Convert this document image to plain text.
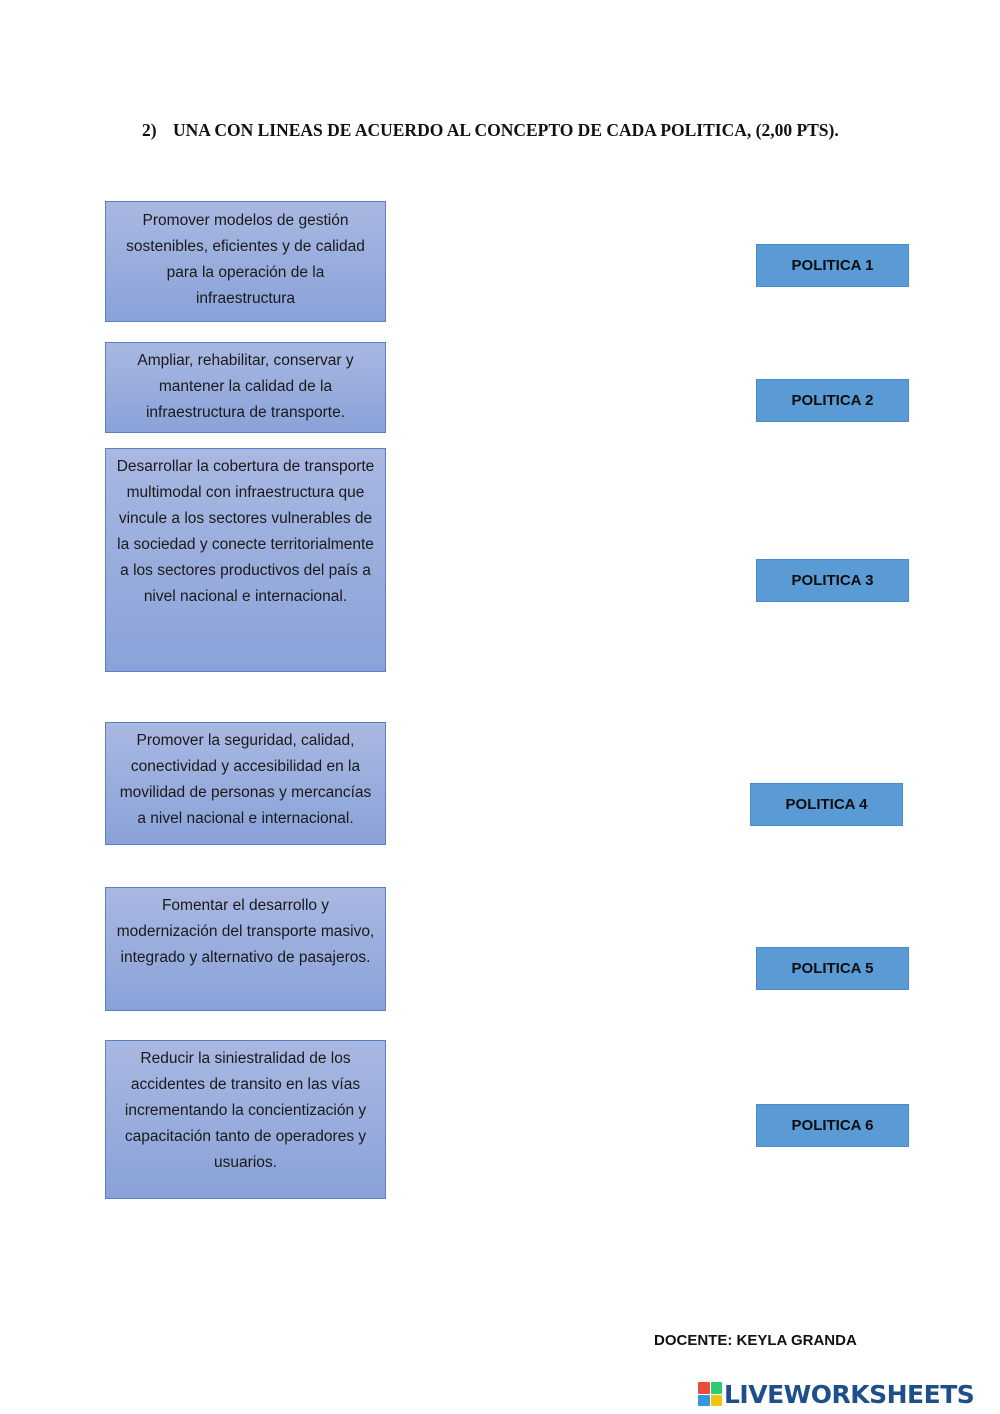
2) UNA CON LINEAS DE ACUERDO AL CONCEPTO DE CADA POLITICA, (2,00 PTS).
Promover modelos de gestión sostenibles, eficientes y de calidad para la operación de la infraestructura
Ampliar, rehabilitar, conservar y mantener la calidad de la infraestructura de transporte.
Desarrollar la cobertura de transporte multimodal con infraestructura que vincule a los sectores vulnerables de la sociedad y conecte territorialmente a los sectores productivos del país a nivel nacional e internacional.
Promover la seguridad, calidad, conectividad y accesibilidad en la movilidad de personas y mercancías a nivel nacional e internacional.
Fomentar el desarrollo y modernización del transporte masivo, integrado y alternativo de pasajeros.
Reducir la siniestralidad de los accidentes de transito en las vías incrementando la concientización y capacitación tanto de operadores y usuarios.
POLITICA 1
POLITICA 2
POLITICA 3
POLITICA 4
POLITICA 5
POLITICA 6
DOCENTE: KEYLA GRANDA
LIVEWORKSHEETS
